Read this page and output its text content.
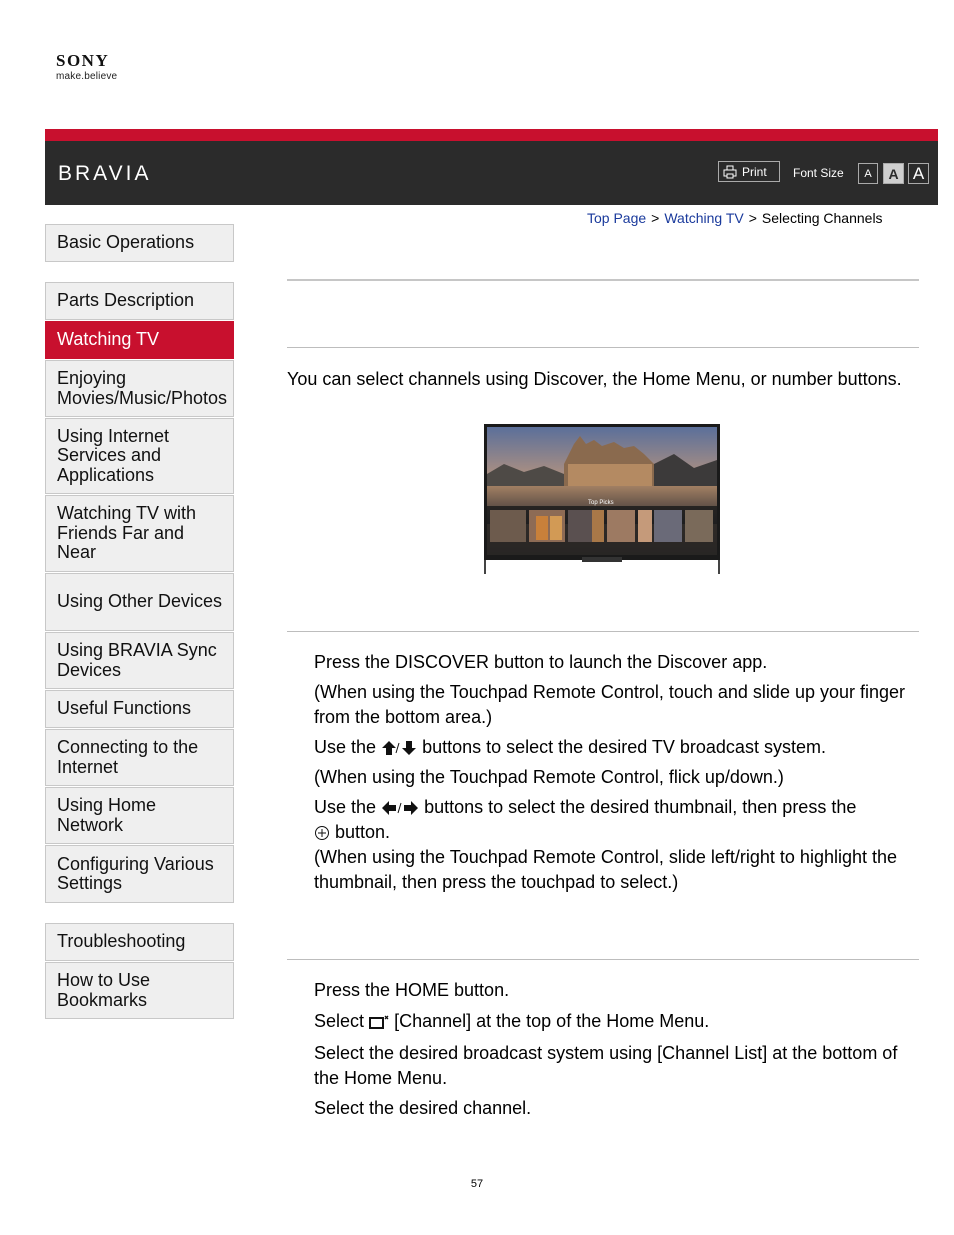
SONY
make.believe
BRAVIA	Print Font Size	A	A A
Top Page > Watching TV > Selecting Channels
Basic Operations
Parts Description
Watching TV
Enjoying Movies/Music/Photos
Using Internet Services and Applications
Watching TV with Friends Far and Near
Using Other Devices
Using BRAVIA Sync Devices
Useful Functions
Connecting to the Internet
Using Home Network
Configuring Various Settings
Troubleshooting
How to Use Bookmarks
You can select channels using Discover, the Home Menu, or number buttons.
Top Picks

Press the DISCOVER button to launch the Discover app.

(When using the Touchpad Remote Control, touch and slide up your finger from the bottom area.)

Use the	buttons to select the desired TV broadcast system.

(When using the Touchpad Remote Control, flick up/down.)

Use the	buttons to select the desired thumbnail, then press the
button.

(When using the Touchpad Remote Control, slide left/right to highlight the thumbnail, then press the touchpad to select.)

Press the HOME button.

Select [Channel] at the top of the Home Menu.

Select the desired broadcast system using [Channel List] at the bottom of the Home Menu.

Select the desired channel.

57
